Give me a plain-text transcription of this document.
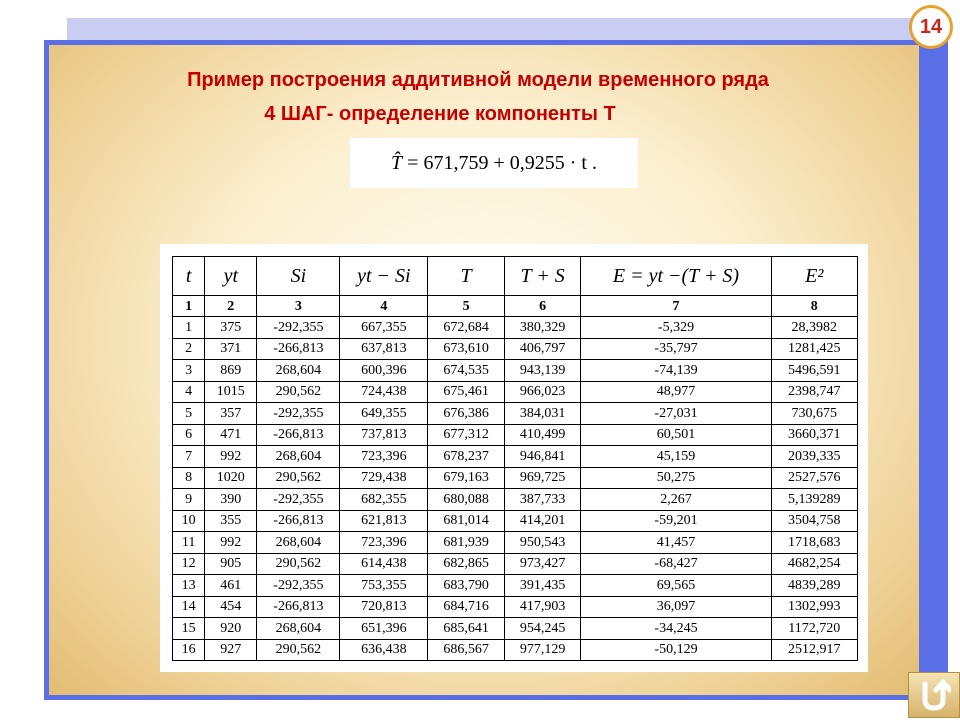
14
Пример построения аддитивной модели временного ряда
4 ШАГ- определение компоненты Т
T̂
= 671,759 + 0,9255 · t .
t	yt	Si	yt − Si	T	T + S	E = yt −(T + S)	E²
1	2	3	4	5	6	7	8
1	375	-292,355	667,355	672,684	380,329	-5,329	28,3982
2	371	-266,813	637,813	673,610	406,797	-35,797	1281,425
3	869	268,604	600,396	674,535	943,139	-74,139	5496,591
4	1015	290,562	724,438	675,461	966,023	48,977	2398,747
5	357	-292,355	649,355	676,386	384,031	-27,031	730,675
6	471	-266,813	737,813	677,312	410,499	60,501	3660,371
7	992	268,604	723,396	678,237	946,841	45,159	2039,335
8	1020	290,562	729,438	679,163	969,725	50,275	2527,576
9	390	-292,355	682,355	680,088	387,733	2,267	5,139289
10	355	-266,813	621,813	681,014	414,201	-59,201	3504,758
11	992	268,604	723,396	681,939	950,543	41,457	1718,683
12	905	290,562	614,438	682,865	973,427	-68,427	4682,254
13	461	-292,355	753,355	683,790	391,435	69,565	4839,289
14	454	-266,813	720,813	684,716	417,903	36,097	1302,993
15	920	268,604	651,396	685,641	954,245	-34,245	1172,720
16	927	290,562	636,438	686,567	977,129	-50,129	2512,917
